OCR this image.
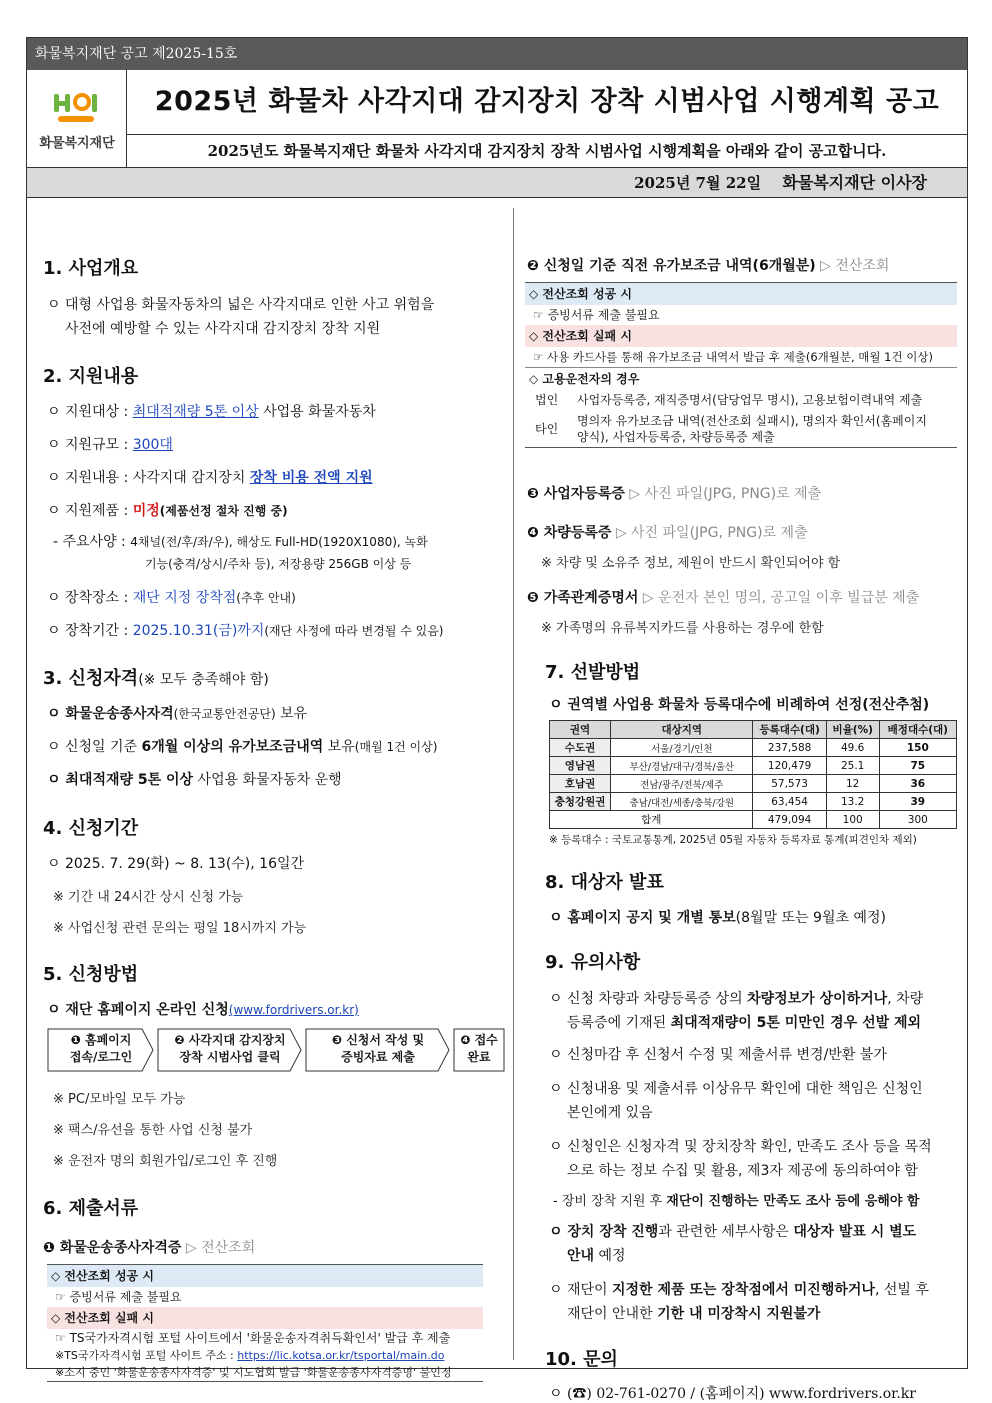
화물복지재단 공고 제2025-15호
화물복지재단
2025년 화물차 사각지대 감지장치 장착 시범사업 시행계획 공고
2025년도 화물복지재단 화물차 사각지대 감지장치 장착 시범사업 시행계획을 아래와 같이 공고합니다.
2025년 7월 22일 화물복지재단 이사장
1. 사업개요
ㅇ 대형 사업용 화물자동차의 넓은 사각지대로 인한 사고 위험을
사전에 예방할 수 있는 사각지대 감지장치 장착 지원
2. 지원내용
ㅇ 지원대상 : 최대적재량 5톤 이상 사업용 화물자동차
ㅇ 지원규모 : 300대
ㅇ 지원내용 : 사각지대 감지장치 장착 비용 전액 지원
ㅇ 지원제품 : 미정(제품선정 절차 진행 중)
- 주요사양 : 4채널(전/후/좌/우), 해상도 Full-HD(1920X1080), 녹화
기능(충격/상시/주차 등), 저장용량 256GB 이상 등
ㅇ 장착장소 : 재단 지정 장착점(추후 안내)
ㅇ 장착기간 : 2025.10.31(금)까지(재단 사정에 따라 변경될 수 있음)
3. 신청자격(※ 모두 충족해야 함)
ㅇ 화물운송종사자격(한국교통안전공단) 보유
ㅇ 신청일 기준 6개월 이상의 유가보조금내역 보유(매월 1건 이상)
ㅇ 최대적재량 5톤 이상 사업용 화물자동차 운행
4. 신청기간
ㅇ 2025. 7. 29(화) ~ 8. 13(수), 16일간
※ 기간 내 24시간 상시 신청 가능
※ 사업신청 관련 문의는 평일 18시까지 가능
5. 신청방법
ㅇ 재단 홈페이지 온라인 신청(www.fordrivers.or.kr)
❶ 홈페이지
접속/로그인
❷ 사각지대 감지장치
장착 시범사업 클릭
❸ 신청서 작성 및
증빙자료 제출
❹ 접수
완료
※ PC/모바일 모두 가능
※ 팩스/유선을 통한 사업 신청 불가
※ 운전자 명의 회원가입/로그인 후 진행
6. 제출서류
❶ 화물운송종사자격증 ▷ 전산조회
◇ 전산조회 성공 시
☞ 증빙서류 제출 불필요
◇ 전산조회 실패 시
☞ TS국가자격시험 포털 사이트에서 '화물운송자격취득확인서' 발급 후 제출
※TS국가자격시험 포털 사이트 주소 : https://lic.kotsa.or.kr/tsportal/main.do
※소지 중인 '화물운송종사자격증' 및 시도협회 발급 '화물운송종사자격증명' 불인정
❷ 신청일 기준 직전 유가보조금 내역(6개월분) ▷ 전산조회
◇ 전산조회 성공 시
☞ 증빙서류 제출 불필요
◇ 전산조회 실패 시
☞ 사용 카드사를 통해 유가보조금 내역서 발급 후 제출(6개월분, 매월 1건 이상)
◇ 고용운전자의 경우
법인 사업자등록증, 재직증명서(담당업무 명시), 고용보험이력내역 제출
타인
명의자 유가보조금 내역(전산조회 실패시), 명의자 확인서(홈페이지
양식), 사업자등록증, 차량등록증 제출
❸ 사업자등록증 ▷ 사진 파일(JPG, PNG)로 제출
❹ 차량등록증 ▷ 사진 파일(JPG, PNG)로 제출
※ 차량 및 소유주 정보, 제원이 반드시 확인되어야 함
❺ 가족관계증명서 ▷ 운전자 본인 명의, 공고일 이후 빌급분 제출
※ 가족명의 유류복지카드를 사용하는 경우에 한함
7. 선발방법
ㅇ 권역별 사업용 화물차 등록대수에 비례하여 선정(전산추첨)
권역	대상지역	등록대수(대)	비율(%)	배정대수(대)
수도권	서울/경기/인천	237,588	49.6	150
영남권	부산/경남/대구/경북/울산	120,479	25.1	75
호남권	전남/광주/전북/제주	57,573	12	36
충청강원권	충남/대전/세종/충북/강원	63,454	13.2	39
합계		479,094	100	300
※ 등록대수 : 국토교통통계, 2025년 05월 자동차 등록자료 통계(피견인차 제외)
8. 대상자 발표
ㅇ 홈페이지 공지 및 개별 통보(8월말 또는 9월초 예정)
9. 유의사항
ㅇ 신청 차량과 차량등록증 상의 차량정보가 상이하거나, 차량
등록증에 기재된 최대적재량이 5톤 미만인 경우 선발 제외
ㅇ 신청마감 후 신청서 수정 및 제출서류 변경/반환 불가
ㅇ 신청내용 및 제출서류 이상유무 확인에 대한 책임은 신청인
본인에게 있음
ㅇ 신청인은 신청자격 및 장치장착 확인, 만족도 조사 등을 목적
으로 하는 정보 수집 및 활용, 제3자 제공에 동의하여야 함
- 장비 장착 지원 후 재단이 진행하는 만족도 조사 등에 응해야 함
ㅇ 장치 장착 진행과 관련한 세부사항은 대상자 발표 시 별도
안내 예정
ㅇ 재단이 지정한 제품 또는 장착점에서 미진행하거나, 선빌 후
재단이 안내한 기한 내 미장착시 지원불가
10. 문의
ㅇ (☎) 02-761-0270 / (홈페이지) www.fordrivers.or.kr
